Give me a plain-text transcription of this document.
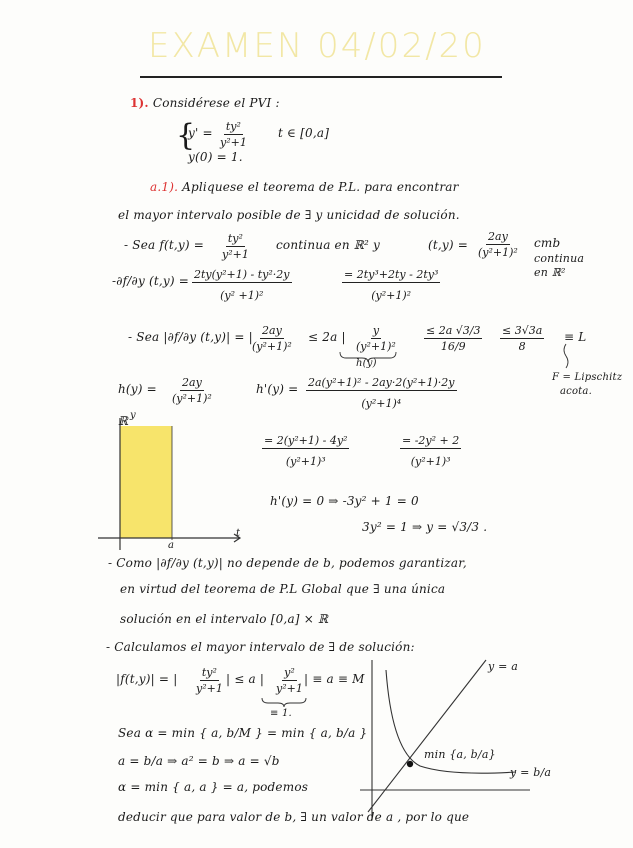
EXAMEN 04/02/20
1). Considérese el PVI :
{
$y' = \frac{\text{ty²}}{\text{y²+1}}$	t ∈ [0,a]
y(0) = 1.
a.1). Apliquese el teorema de P.L. para encontrar
el mayor intervalo posible de ∃ y unicidad de solución.
- Sea $f(t,y) = \frac{\text{ty²}}{\text{y²+1}}$ continua en ℝ² y	$(t,y) = \frac{2ay}{\text{(y²+1)²}}$ cmb
continua
en ℝ²
-∂f/∂y $(t,y) = \frac{\text{2ty(y²+1) - ty²·2y}}{\text{(y² +1)²}}$	$\frac{\text{= 2ty³+2ty - 2ty³}}{\text{(y²+1)²}}$
- Sea |∂f/∂y (t,y)| = | $\frac{2ay}{\text{(y²+1)²}} \le 2a$ | $\frac{y}{\text{(y²+1)²}}$
h(y)
$\frac{\le 2a √3/3}{16/9} \frac{\le 3√3a}{8} \equiv L$
F = Lipschitz
acota.
$h(y) = \frac{2ay}{\text{(y²+1)²}}$	$h'(y) = \frac{\text{2a(y²+1)² - 2ay·2(y²+1)·2y}}{\text{(y²+1)⁴}}$
$\frac{\text{= 2(y²+1) - 4y²}}{\text{(y²+1)³}}$	$\frac{\text{= -2y² + 2}}{\text{(y²+1)³}}$
h'(y) = 0 ⇒ -3y² + 1 = 0
3y² = 1 ⇒ y = √3/3 .
ℝ y
t
a
- Como |∂f/∂y (t,y)| no depende de b, podemos garantizar,
en virtud del teorema de P.L Global que ∃ una única
solución en el intervalo [0,a] × ℝ
- Calculamos el mayor intervalo de ∃ de solución:
|f(t,y)| = | $\frac{\text{ty²}}{\text{y²+1}}$ | ≤ a | $\frac{\text{y²}}{\text{y²+1}}$ | ≡ a ≡ M
≡ 1.
Sea α = min { a, b/M } = min { a, b/a }
a = b/a ⇒ a² = b ⇒ a = √b
α = min { a, a } = a, podemos
deducir que para valor de b, ∃ un valor de a , por lo que
y = a
y = b/a
min {a, b/a}
